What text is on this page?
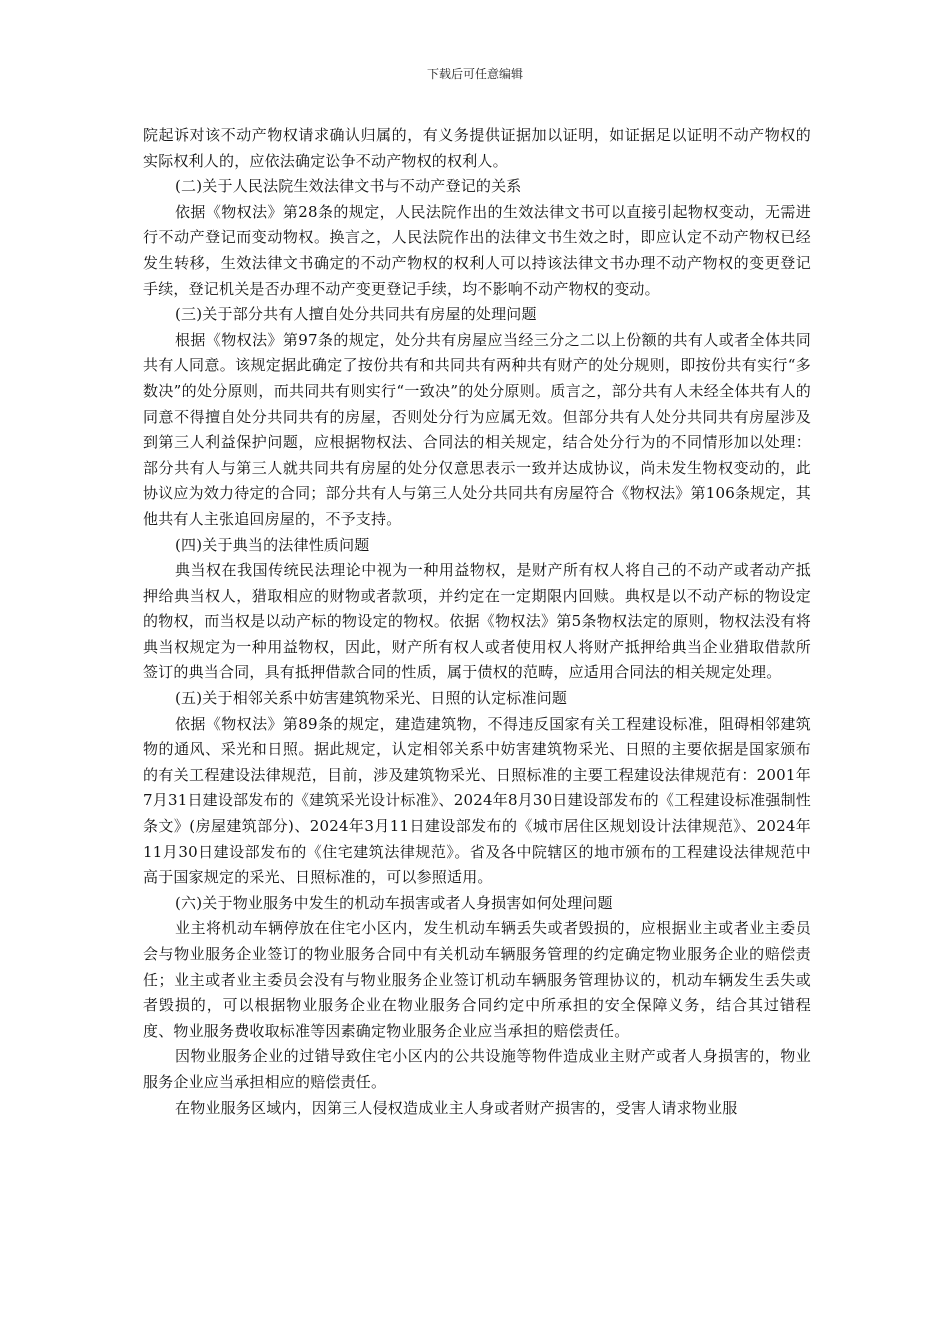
下载后可任意编辑

院起诉对该不动产物权请求确认归属的，有义务提供证据加以证明，如证据足以证明不动产物权的实际权利人的，应依法确定讼争不动产物权的权利人。

(二)关于人民法院生效法律文书与不动产登记的关系

依据《物权法》第28条的规定，人民法院作出的生效法律文书可以直接引起物权变动，无需进行不动产登记而变动物权。换言之，人民法院作出的法律文书生效之时，即应认定不动产物权已经发生转移，生效法律文书确定的不动产物权的权利人可以持该法律文书办理不动产物权的变更登记手续，登记机关是否办理不动产变更登记手续，均不影响不动产物权的变动。

(三)关于部分共有人擅自处分共同共有房屋的处理问题

根据《物权法》第97条的规定，处分共有房屋应当经三分之二以上份额的共有人或者全体共同共有人同意。该规定据此确定了按份共有和共同共有两种共有财产的处分规则，即按份共有实行“多数决”的处分原则，而共同共有则实行“一致决”的处分原则。质言之，部分共有人未经全体共有人的同意不得擅自处分共同共有的房屋，否则处分行为应属无效。但部分共有人处分共同共有房屋涉及到第三人利益保护问题，应根据物权法、合同法的相关规定，结合处分行为的不同情形加以处理：部分共有人与第三人就共同共有房屋的处分仅意思表示一致并达成协议，尚未发生物权变动的，此协议应为效力待定的合同；部分共有人与第三人处分共同共有房屋符合《物权法》第106条规定，其他共有人主张追回房屋的，不予支持。

(四)关于典当的法律性质问题

典当权在我国传统民法理论中视为一种用益物权，是财产所有权人将自己的不动产或者动产抵押给典当权人，猎取相应的财物或者款项，并约定在一定期限内回赎。典权是以不动产标的物设定的物权，而当权是以动产标的物设定的物权。依据《物权法》第5条物权法定的原则，物权法没有将典当权规定为一种用益物权，因此，财产所有权人或者使用权人将财产抵押给典当企业猎取借款所签订的典当合同，具有抵押借款合同的性质，属于债权的范畴，应适用合同法的相关规定处理。

(五)关于相邻关系中妨害建筑物采光、日照的认定标准问题

依据《物权法》第89条的规定，建造建筑物，不得违反国家有关工程建设标准，阻碍相邻建筑物的通风、采光和日照。据此规定，认定相邻关系中妨害建筑物采光、日照的主要依据是国家颁布的有关工程建设法律规范，目前，涉及建筑物采光、日照标准的主要工程建设法律规范有：2001年7月31日建设部发布的《建筑采光设计标准》、2024年8月30日建设部发布的《工程建设标准强制性条文》(房屋建筑部分)、2024年3月11日建设部发布的《城市居住区规划设计法律规范》、2024年11月30日建设部发布的《住宅建筑法律规范》。省及各中院辖区的地市颁布的工程建设法律规范中高于国家规定的采光、日照标准的，可以参照适用。

(六)关于物业服务中发生的机动车损害或者人身损害如何处理问题

业主将机动车辆停放在住宅小区内，发生机动车辆丢失或者毁损的，应根据业主或者业主委员会与物业服务企业签订的物业服务合同中有关机动车辆服务管理的约定确定物业服务企业的赔偿责任；业主或者业主委员会没有与物业服务企业签订机动车辆服务管理协议的，机动车辆发生丢失或者毁损的，可以根据物业服务企业在物业服务合同约定中所承担的安全保障义务，结合其过错程度、物业服务费收取标准等因素确定物业服务企业应当承担的赔偿责任。

因物业服务企业的过错导致住宅小区内的公共设施等物件造成业主财产或者人身损害的，物业服务企业应当承担相应的赔偿责任。

在物业服务区域内，因第三人侵权造成业主人身或者财产损害的，受害人请求物业服
